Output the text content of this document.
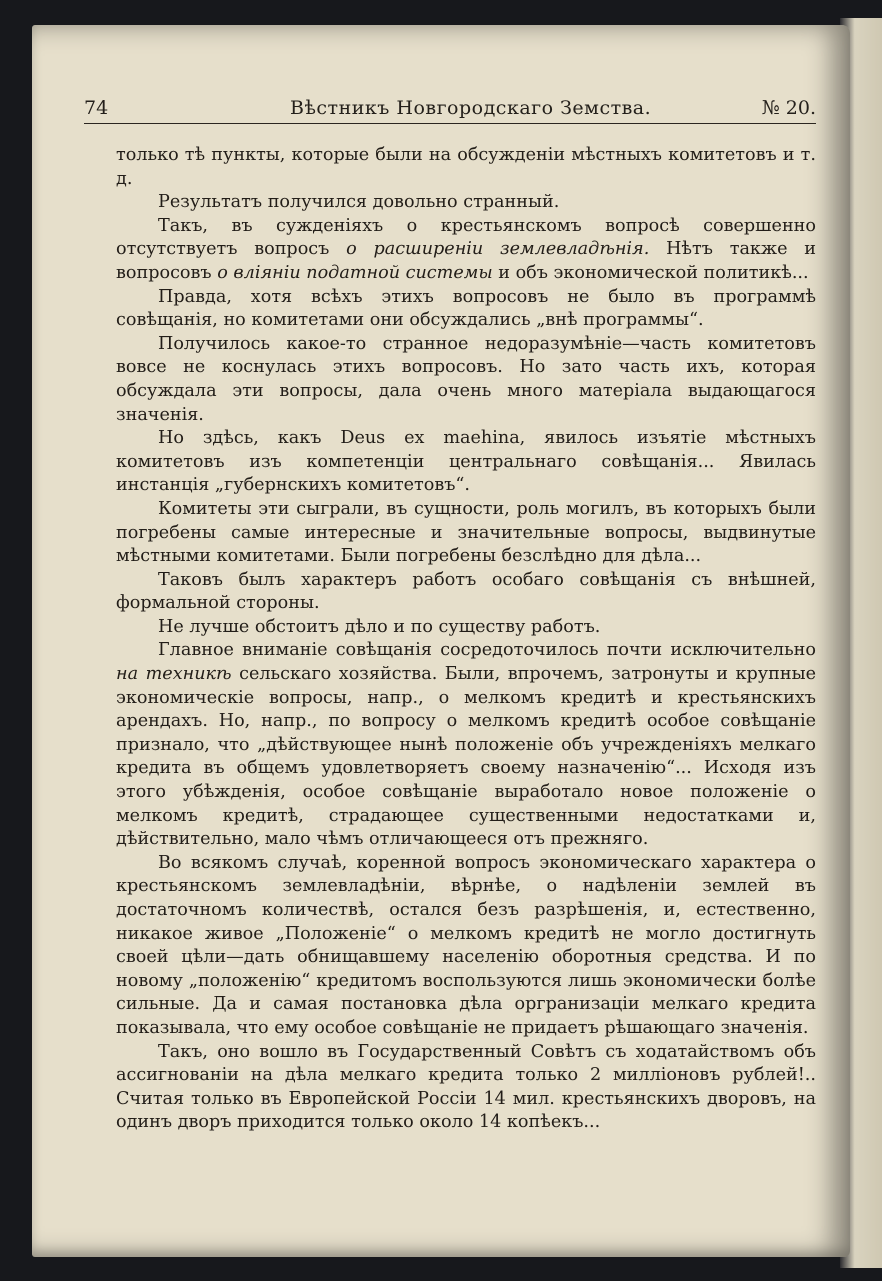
74	Вѣстникъ Новгородскаго Земства.	№ 20.

только тѣ пункты, которые были на обсужденіи мѣстныхъ комитетовъ и т. д.

Результатъ получился довольно странный.

Такъ, въ сужденіяхъ о крестьянскомъ вопросѣ совершенно отсутствуетъ вопросъ о расширеніи землевладѣнія. Нѣтъ также и вопросовъ о вліяніи податной системы и объ экономической политикѣ...

Правда, хотя всѣхъ этихъ вопросовъ не было въ программѣ совѣщанія, но комитетами они обсуждались „внѣ программы“.

Получилось какое-то странное недоразумѣніе—часть комитетовъ вовсе не коснулась этихъ вопросовъ. Но зато часть ихъ, которая обсуждала эти вопросы, дала очень много матеріала выдающагося значенія.

Но здѣсь, какъ Deus ex maehina, явилось изъятіе мѣстныхъ комитетовъ изъ компетенціи центральнаго совѣщанія... Явилась инстанція „губернскихъ комитетовъ“.

Комитеты эти сыграли, въ сущности, роль могилъ, въ которыхъ были погребены самые интересные и значительные вопросы, выдвинутые мѣстными комитетами. Были погребены безслѣдно для дѣла...

Таковъ былъ характеръ работъ особаго совѣщанія съ внѣшней, формальной стороны.

Не лучше обстоитъ дѣло и по существу работъ.

Главное вниманіе совѣщанія сосредоточилось почти исключительно на техникѣ сельскаго хозяйства. Были, впрочемъ, затронуты и крупные экономическіе вопросы, напр., о мелкомъ кредитѣ и крестьянскихъ арендахъ. Но, напр., по вопросу о мелкомъ кредитѣ особое совѣщаніе признало, что „дѣйствующее нынѣ положеніе объ учрежденіяхъ мелкаго кредита въ общемъ удовлетворяетъ своему назначенію“... Исходя изъ этого убѣжденія, особое совѣщаніе выработало новое положеніе о мелкомъ кредитѣ, страдающее существенными недостатками и, дѣйствительно, мало чѣмъ отличающееся отъ прежняго.

Во всякомъ случаѣ, коренной вопросъ экономическаго характера о крестьянскомъ землевладѣніи, вѣрнѣе, о надѣленіи землей въ достаточномъ количествѣ, остался безъ разрѣшенія, и, естественно, никакое живое „Положеніе“ о мелкомъ кредитѣ не могло достигнуть своей цѣли—дать обнищавшему населенію оборотныя средства. И по новому „положенію“ кредитомъ воспользуются лишь экономически болѣе сильные. Да и самая постановка дѣла оргранизаціи мелкаго кредита показывала, что ему особое совѣщаніе не придаетъ рѣшающаго значенія.

Такъ, оно вошло въ Государственный Совѣтъ съ ходатайствомъ объ ассигнованіи на дѣла мелкаго кредита только 2 милліоновъ рублей!.. Считая только въ Европейской Россіи 14 мил. крестьянскихъ дворовъ, на одинъ дворъ приходится только около 14 копѣекъ...
